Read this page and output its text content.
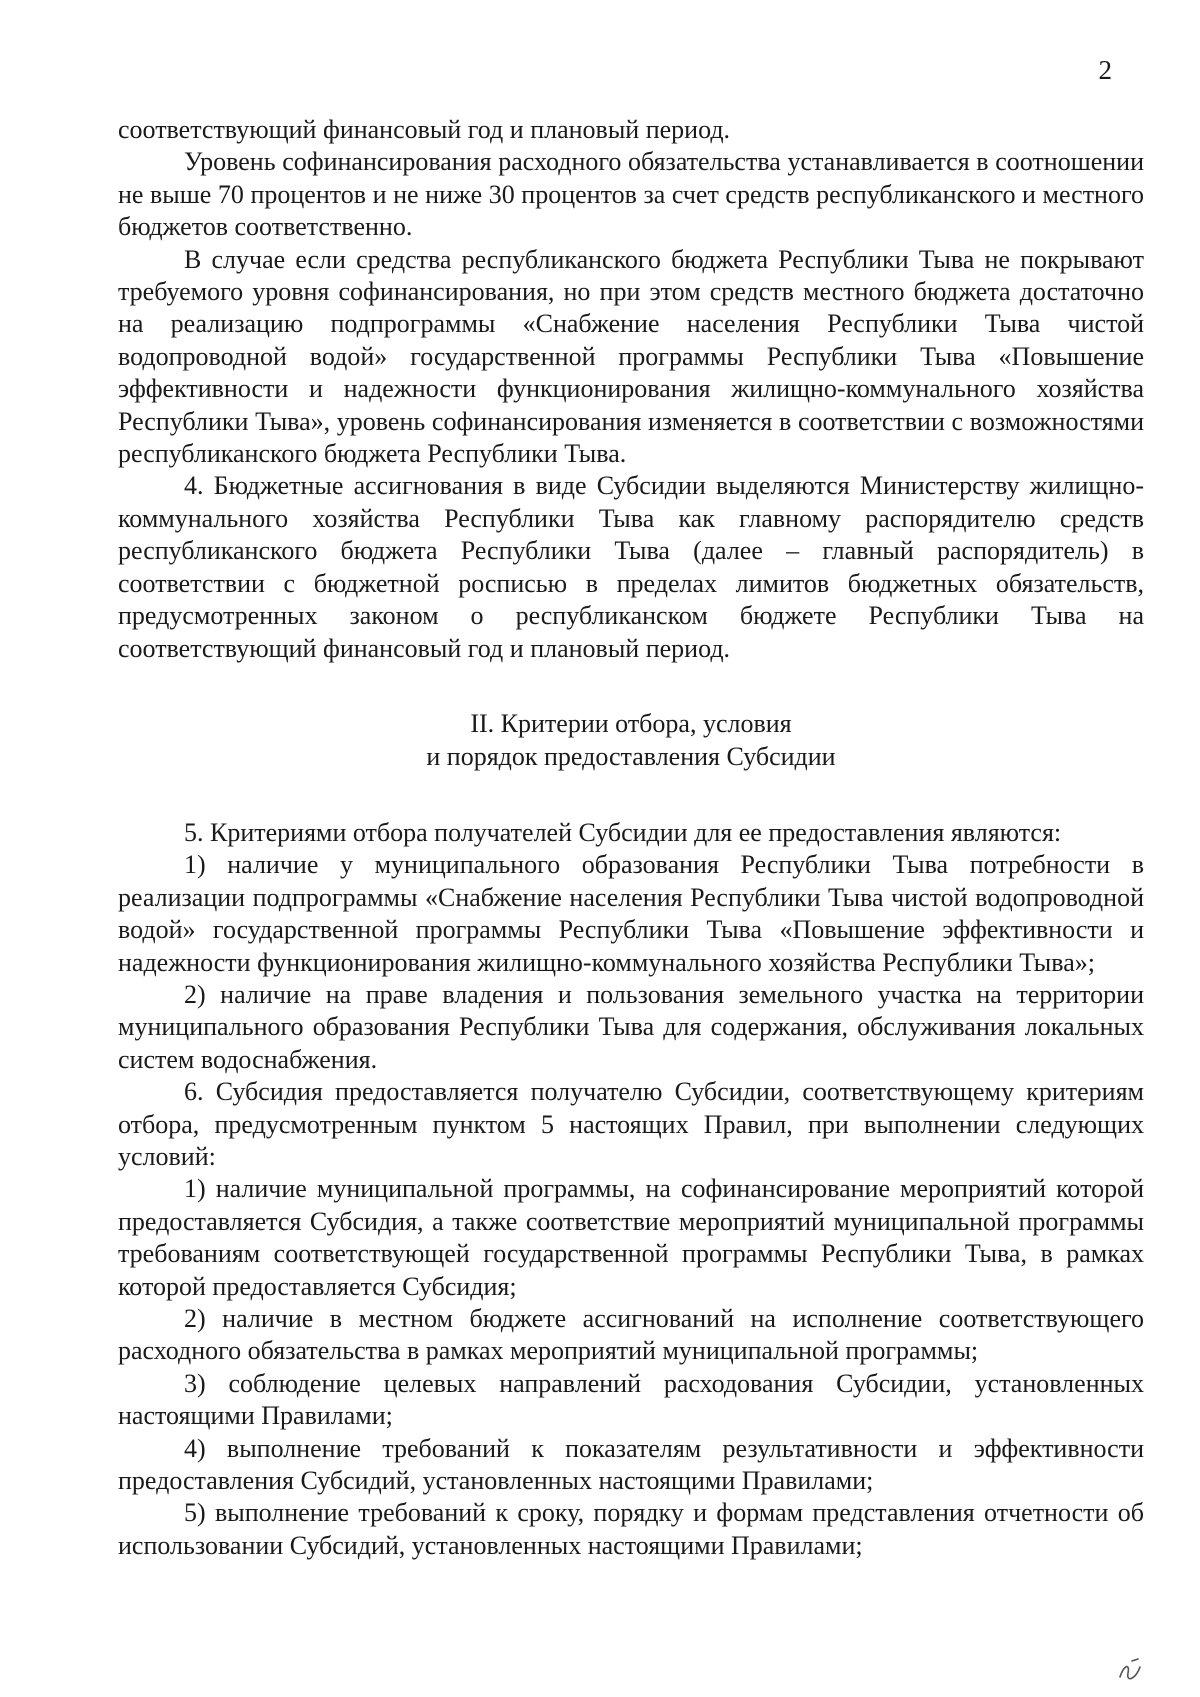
2

соответствующий финансовый год и плановый период.

Уровень софинансирования расходного обязательства устанавливается в соотношении не выше 70 процентов и не ниже 30 процентов за счет средств республиканского и местного бюджетов соответственно.

В случае если средства республиканского бюджета Республики Тыва не покрывают требуемого уровня софинансирования, но при этом средств местного бюджета достаточно на реализацию подпрограммы «Снабжение населения Республики Тыва чистой водопроводной водой» государственной программы Республики Тыва «Повышение эффективности и надежности функционирования жилищно-коммунального хозяйства Республики Тыва», уровень софинансирования изменяется в соответствии с возможностями республиканского бюджета Республики Тыва.

4. Бюджетные ассигнования в виде Субсидии выделяются Министерству жилищно-коммунального хозяйства Республики Тыва как главному распорядителю средств республиканского бюджета Республики Тыва (далее – главный распорядитель) в соответствии с бюджетной росписью в пределах лимитов бюджетных обязательств, предусмотренных законом о республиканском бюджете Республики Тыва на соответствующий финансовый год и плановый период.

II. Критерии отбора, условия
и порядок предоставления Субсидии

5. Критериями отбора получателей Субсидии для ее предоставления являются:

1) наличие у муниципального образования Республики Тыва потребности в реализации подпрограммы «Снабжение населения Республики Тыва чистой водопроводной водой» государственной программы Республики Тыва «Повышение эффективности и надежности функционирования жилищно-коммунального хозяйства Республики Тыва»;

2) наличие на праве владения и пользования земельного участка на территории муниципального образования Республики Тыва для содержания, обслуживания локальных систем водоснабжения.

6. Субсидия предоставляется получателю Субсидии, соответствующему критериям отбора, предусмотренным пунктом 5 настоящих Правил, при выполнении следующих условий:

1) наличие муниципальной программы, на софинансирование мероприятий которой предоставляется Субсидия, а также соответствие мероприятий муниципальной программы требованиям соответствующей государственной программы Республики Тыва, в рамках которой предоставляется Субсидия;

2) наличие в местном бюджете ассигнований на исполнение соответствующего расходного обязательства в рамках мероприятий муниципальной программы;

3) соблюдение целевых направлений расходования Субсидии, установленных настоящими Правилами;

4) выполнение требований к показателям результативности и эффективности предоставления Субсидий, установленных настоящими Правилами;

5) выполнение требований к сроку, порядку и формам представления отчетности об использовании Субсидий, установленных настоящими Правилами;
